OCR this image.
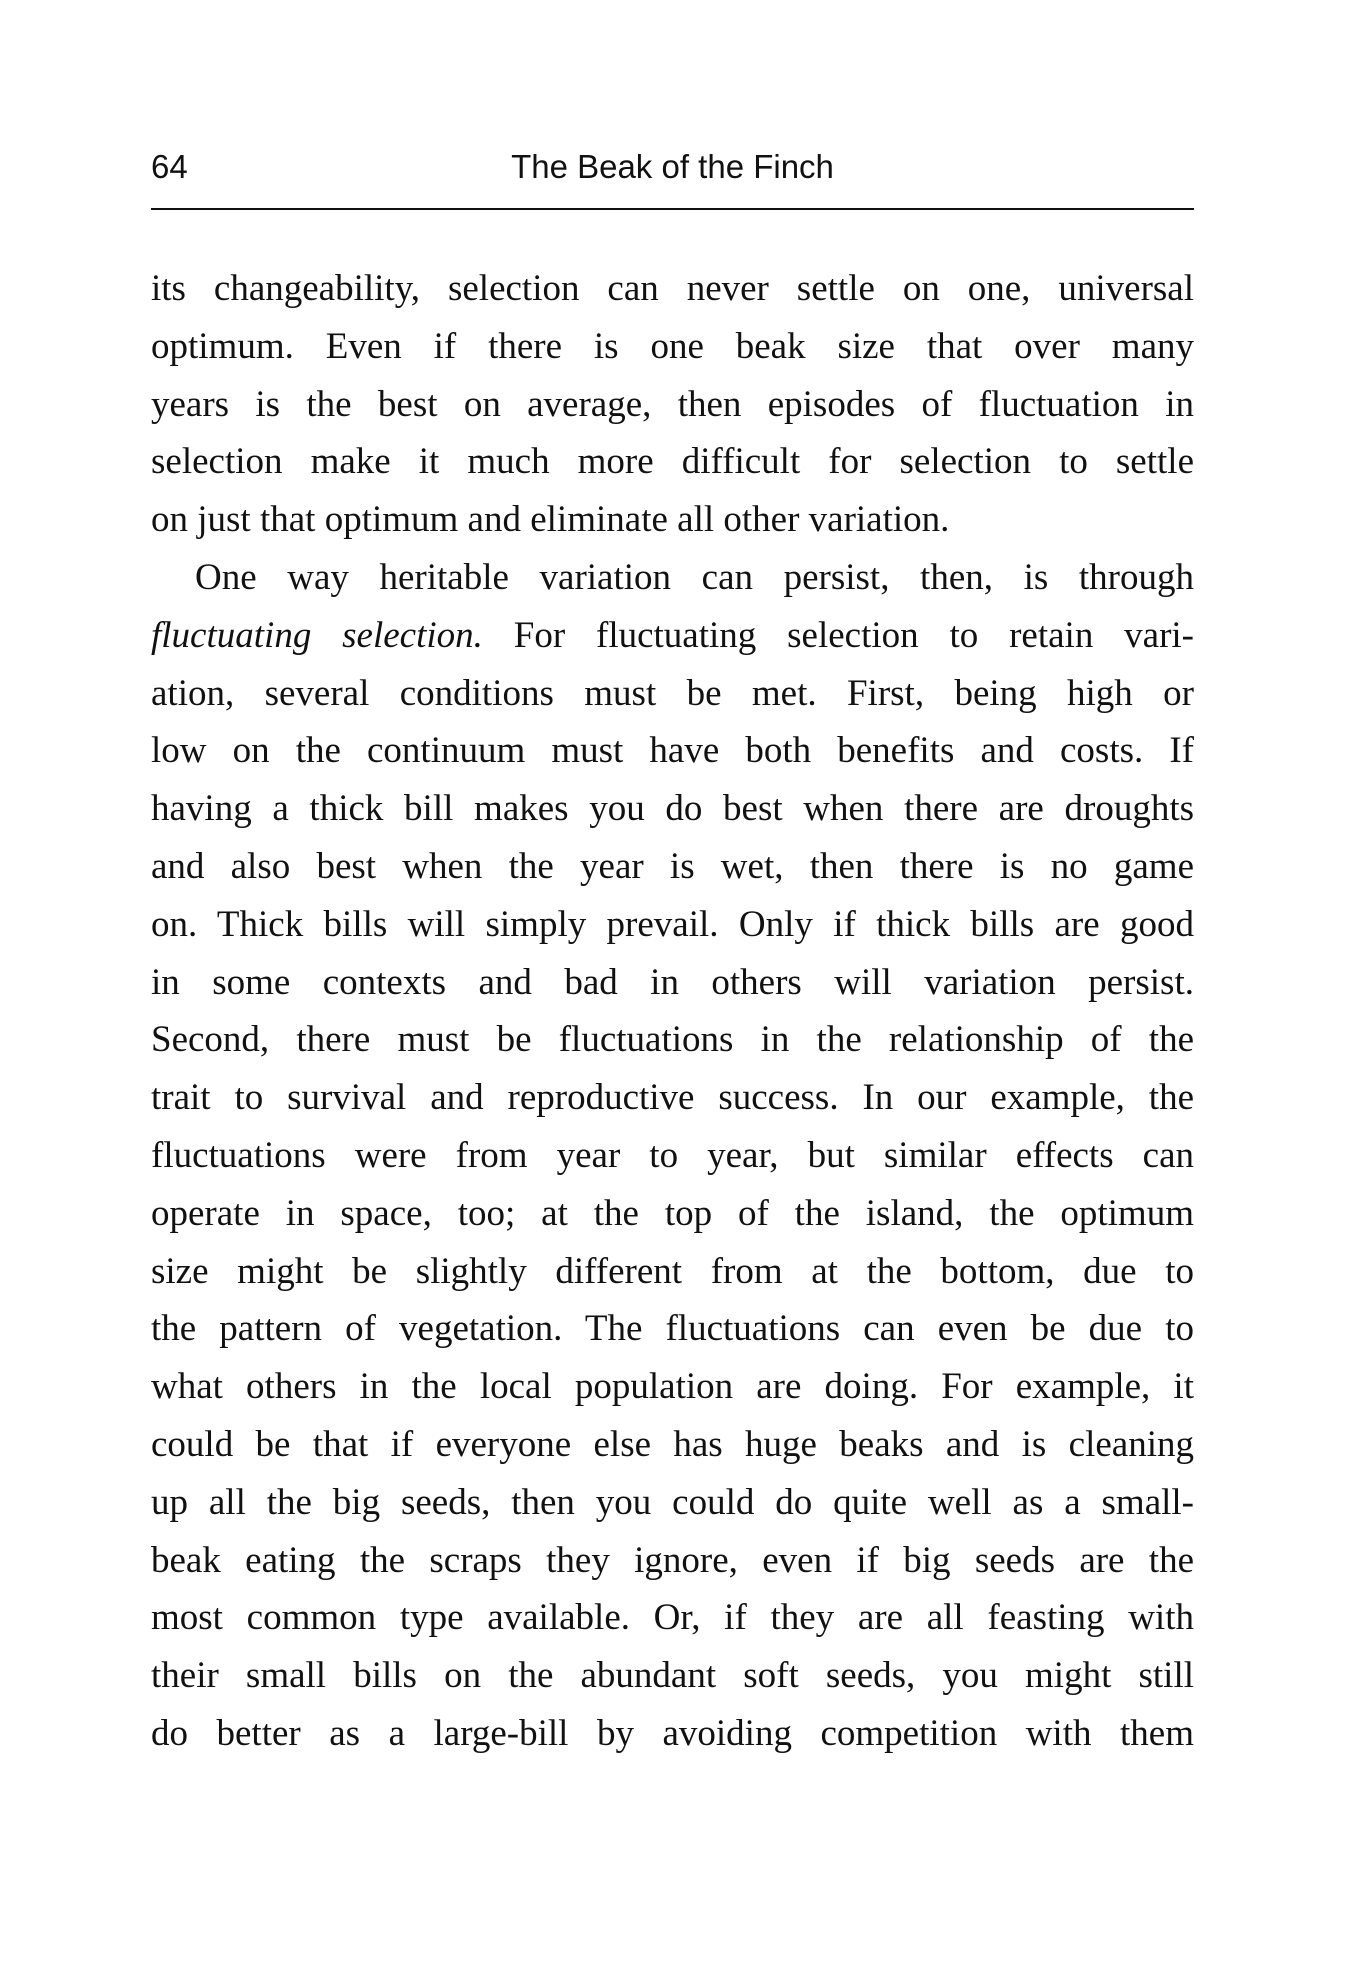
64	The Beak of the Finch
its changeability, selection can never settle on one, universal
optimum. Even if there is one beak size that over many
years is the best on average, then episodes of fluctuation in
selection make it much more difficult for selection to settle
on just that optimum and eliminate all other variation.
One way heritable variation can persist, then, is through
fluctuating selection. For fluctuating selection to retain vari-
ation, several conditions must be met. First, being high or
low on the continuum must have both benefits and costs. If
having a thick bill makes you do best when there are droughts
and also best when the year is wet, then there is no game
on. Thick bills will simply prevail. Only if thick bills are good
in some contexts and bad in others will variation persist.
Second, there must be fluctuations in the relationship of the
trait to survival and reproductive success. In our example, the
fluctuations were from year to year, but similar effects can
operate in space, too; at the top of the island, the optimum
size might be slightly different from at the bottom, due to
the pattern of vegetation. The fluctuations can even be due to
what others in the local population are doing. For example, it
could be that if everyone else has huge beaks and is cleaning
up all the big seeds, then you could do quite well as a small-
beak eating the scraps they ignore, even if big seeds are the
most common type available. Or, if they are all feasting with
their small bills on the abundant soft seeds, you might still
do better as a large-bill by avoiding competition with them
